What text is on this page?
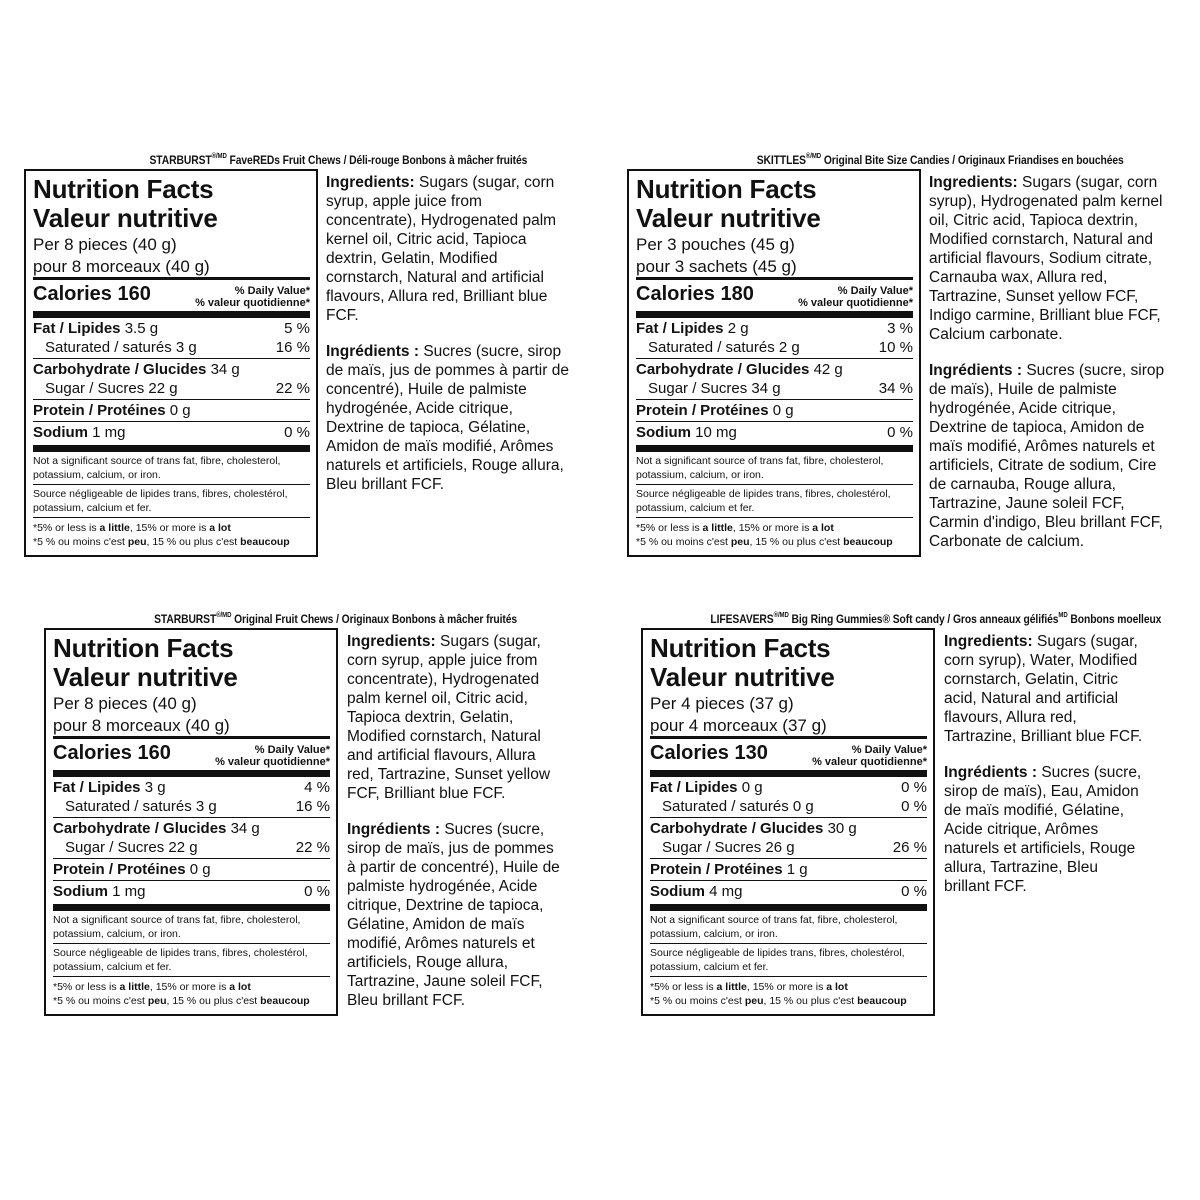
$STARBURST^{®/MD}$ FaveREDs Fruit Chews / Déli-rouge Bonbons à mâcher fruités
Nutrition Facts
Valeur nutritive
Per 8 pieces (40 g)
pour 8 morceaux (40 g)
Calories 160	% Daily Value*
% valeur quotidienne*
Fat / Lipides 3.5 g	5 %
Saturated / saturés 3 g	16 %
Carbohydrate / Glucides 34 g
Sugar / Sucres 22 g	22 %
Protein / Protéines 0 g
Sodium 1 mg	0 %
Not a significant source of trans fat, fibre, cholesterol, potassium, calcium, or iron.
Source négligeable de lipides trans, fibres, cholestérol, potassium, calcium et fer.
*5% or less is a little, 15% or more is a lot
*5 % ou moins c'est peu, 15 % ou plus c'est beaucoup

Ingredients: Sugars (sugar, corn syrup, apple juice from concentrate), Hydrogenated palm kernel oil, Citric acid, Tapioca dextrin, Gelatin, Modified cornstarch, Natural and artificial flavours, Allura red, Brilliant blue FCF.

Ingrédients : Sucres (sucre, sirop de maïs, jus de pommes à partir de concentré), Huile de palmiste hydrogénée, Acide citrique, Dextrine de tapioca, Gélatine, Amidon de maïs modifié, Arômes naturels et artificiels, Rouge allura, Bleu brillant FCF.

$SKITTLES^{®/MD}$ Original Bite Size Candies / Originaux Friandises en bouchées
Nutrition Facts
Valeur nutritive
Per 3 pouches (45 g)
pour 3 sachets (45 g)
Calories 180	% Daily Value*
% valeur quotidienne*
Fat / Lipides 2 g	3 %
Saturated / saturés 2 g	10 %
Carbohydrate / Glucides 42 g
Sugar / Sucres 34 g	34 %
Protein / Protéines 0 g
Sodium 10 mg	0 %
Not a significant source of trans fat, fibre, cholesterol, potassium, calcium, or iron.
Source négligeable de lipides trans, fibres, cholestérol, potassium, calcium et fer.
*5% or less is a little, 15% or more is a lot
*5 % ou moins c'est peu, 15 % ou plus c'est beaucoup

Ingredients: Sugars (sugar, corn syrup), Hydrogenated palm kernel oil, Citric acid, Tapioca dextrin, Modified cornstarch, Natural and artificial flavours, Sodium citrate, Carnauba wax, Allura red, Tartrazine, Sunset yellow FCF, Indigo carmine, Brilliant blue FCF, Calcium carbonate.

Ingrédients : Sucres (sucre, sirop de maïs), Huile de palmiste hydrogénée, Acide citrique, Dextrine de tapioca, Amidon de maïs modifié, Arômes naturels et artificiels, Citrate de sodium, Cire de carnauba, Rouge allura, Tartrazine, Jaune soleil FCF, Carmin d'indigo, Bleu brillant FCF, Carbonate de calcium.

$STARBURST^{®/MD}$ Original Fruit Chews / Originaux Bonbons à mâcher fruités
Nutrition Facts
Valeur nutritive
Per 8 pieces (40 g)
pour 8 morceaux (40 g)
Calories 160	% Daily Value*
% valeur quotidienne*
Fat / Lipides 3 g	4 %
Saturated / saturés 3 g	16 %
Carbohydrate / Glucides 34 g
Sugar / Sucres 22 g	22 %
Protein / Protéines 0 g
Sodium 1 mg	0 %
Not a significant source of trans fat, fibre, cholesterol, potassium, calcium, or iron.
Source négligeable de lipides trans, fibres, cholestérol, potassium, calcium et fer.
*5% or less is a little, 15% or more is a lot
*5 % ou moins c'est peu, 15 % ou plus c'est beaucoup

Ingredients: Sugars (sugar, corn syrup, apple juice from concentrate), Hydrogenated palm kernel oil, Citric acid, Tapioca dextrin, Gelatin, Modified cornstarch, Natural and artificial flavours, Allura red, Tartrazine, Sunset yellow FCF, Brilliant blue FCF.

Ingrédients : Sucres (sucre, sirop de maïs, jus de pommes à partir de concentré), Huile de palmiste hydrogénée, Acide citrique, Dextrine de tapioca, Gélatine, Amidon de maïs modifié, Arômes naturels et artificiels, Rouge allura, Tartrazine, Jaune soleil FCF, Bleu brillant FCF.

$LIFESAVERS^{®/MD}$ Big Ring Gummies® Soft candy / Gros anneaux gélifiés$^{MD}$ Bonbons moelleux
Nutrition Facts
Valeur nutritive
Per 4 pieces (37 g)
pour 4 morceaux (37 g)
Calories 130	% Daily Value*
% valeur quotidienne*
Fat / Lipides 0 g	0 %
Saturated / saturés 0 g	0 %
Carbohydrate / Glucides 30 g
Sugar / Sucres 26 g	26 %
Protein / Protéines 1 g
Sodium 4 mg	0 %
Not a significant source of trans fat, fibre, cholesterol, potassium, calcium, or iron.
Source négligeable de lipides trans, fibres, cholestérol, potassium, calcium et fer.
*5% or less is a little, 15% or more is a lot
*5 % ou moins c'est peu, 15 % ou plus c'est beaucoup

Ingredients: Sugars (sugar, corn syrup), Water, Modified cornstarch, Gelatin, Citric acid, Natural and artificial flavours, Allura red, Tartrazine, Brilliant blue FCF.

Ingrédients : Sucres (sucre, sirop de maïs), Eau, Amidon de maïs modifié, Gélatine, Acide citrique, Arômes naturels et artificiels, Rouge allura, Tartrazine, Bleu brillant FCF.
